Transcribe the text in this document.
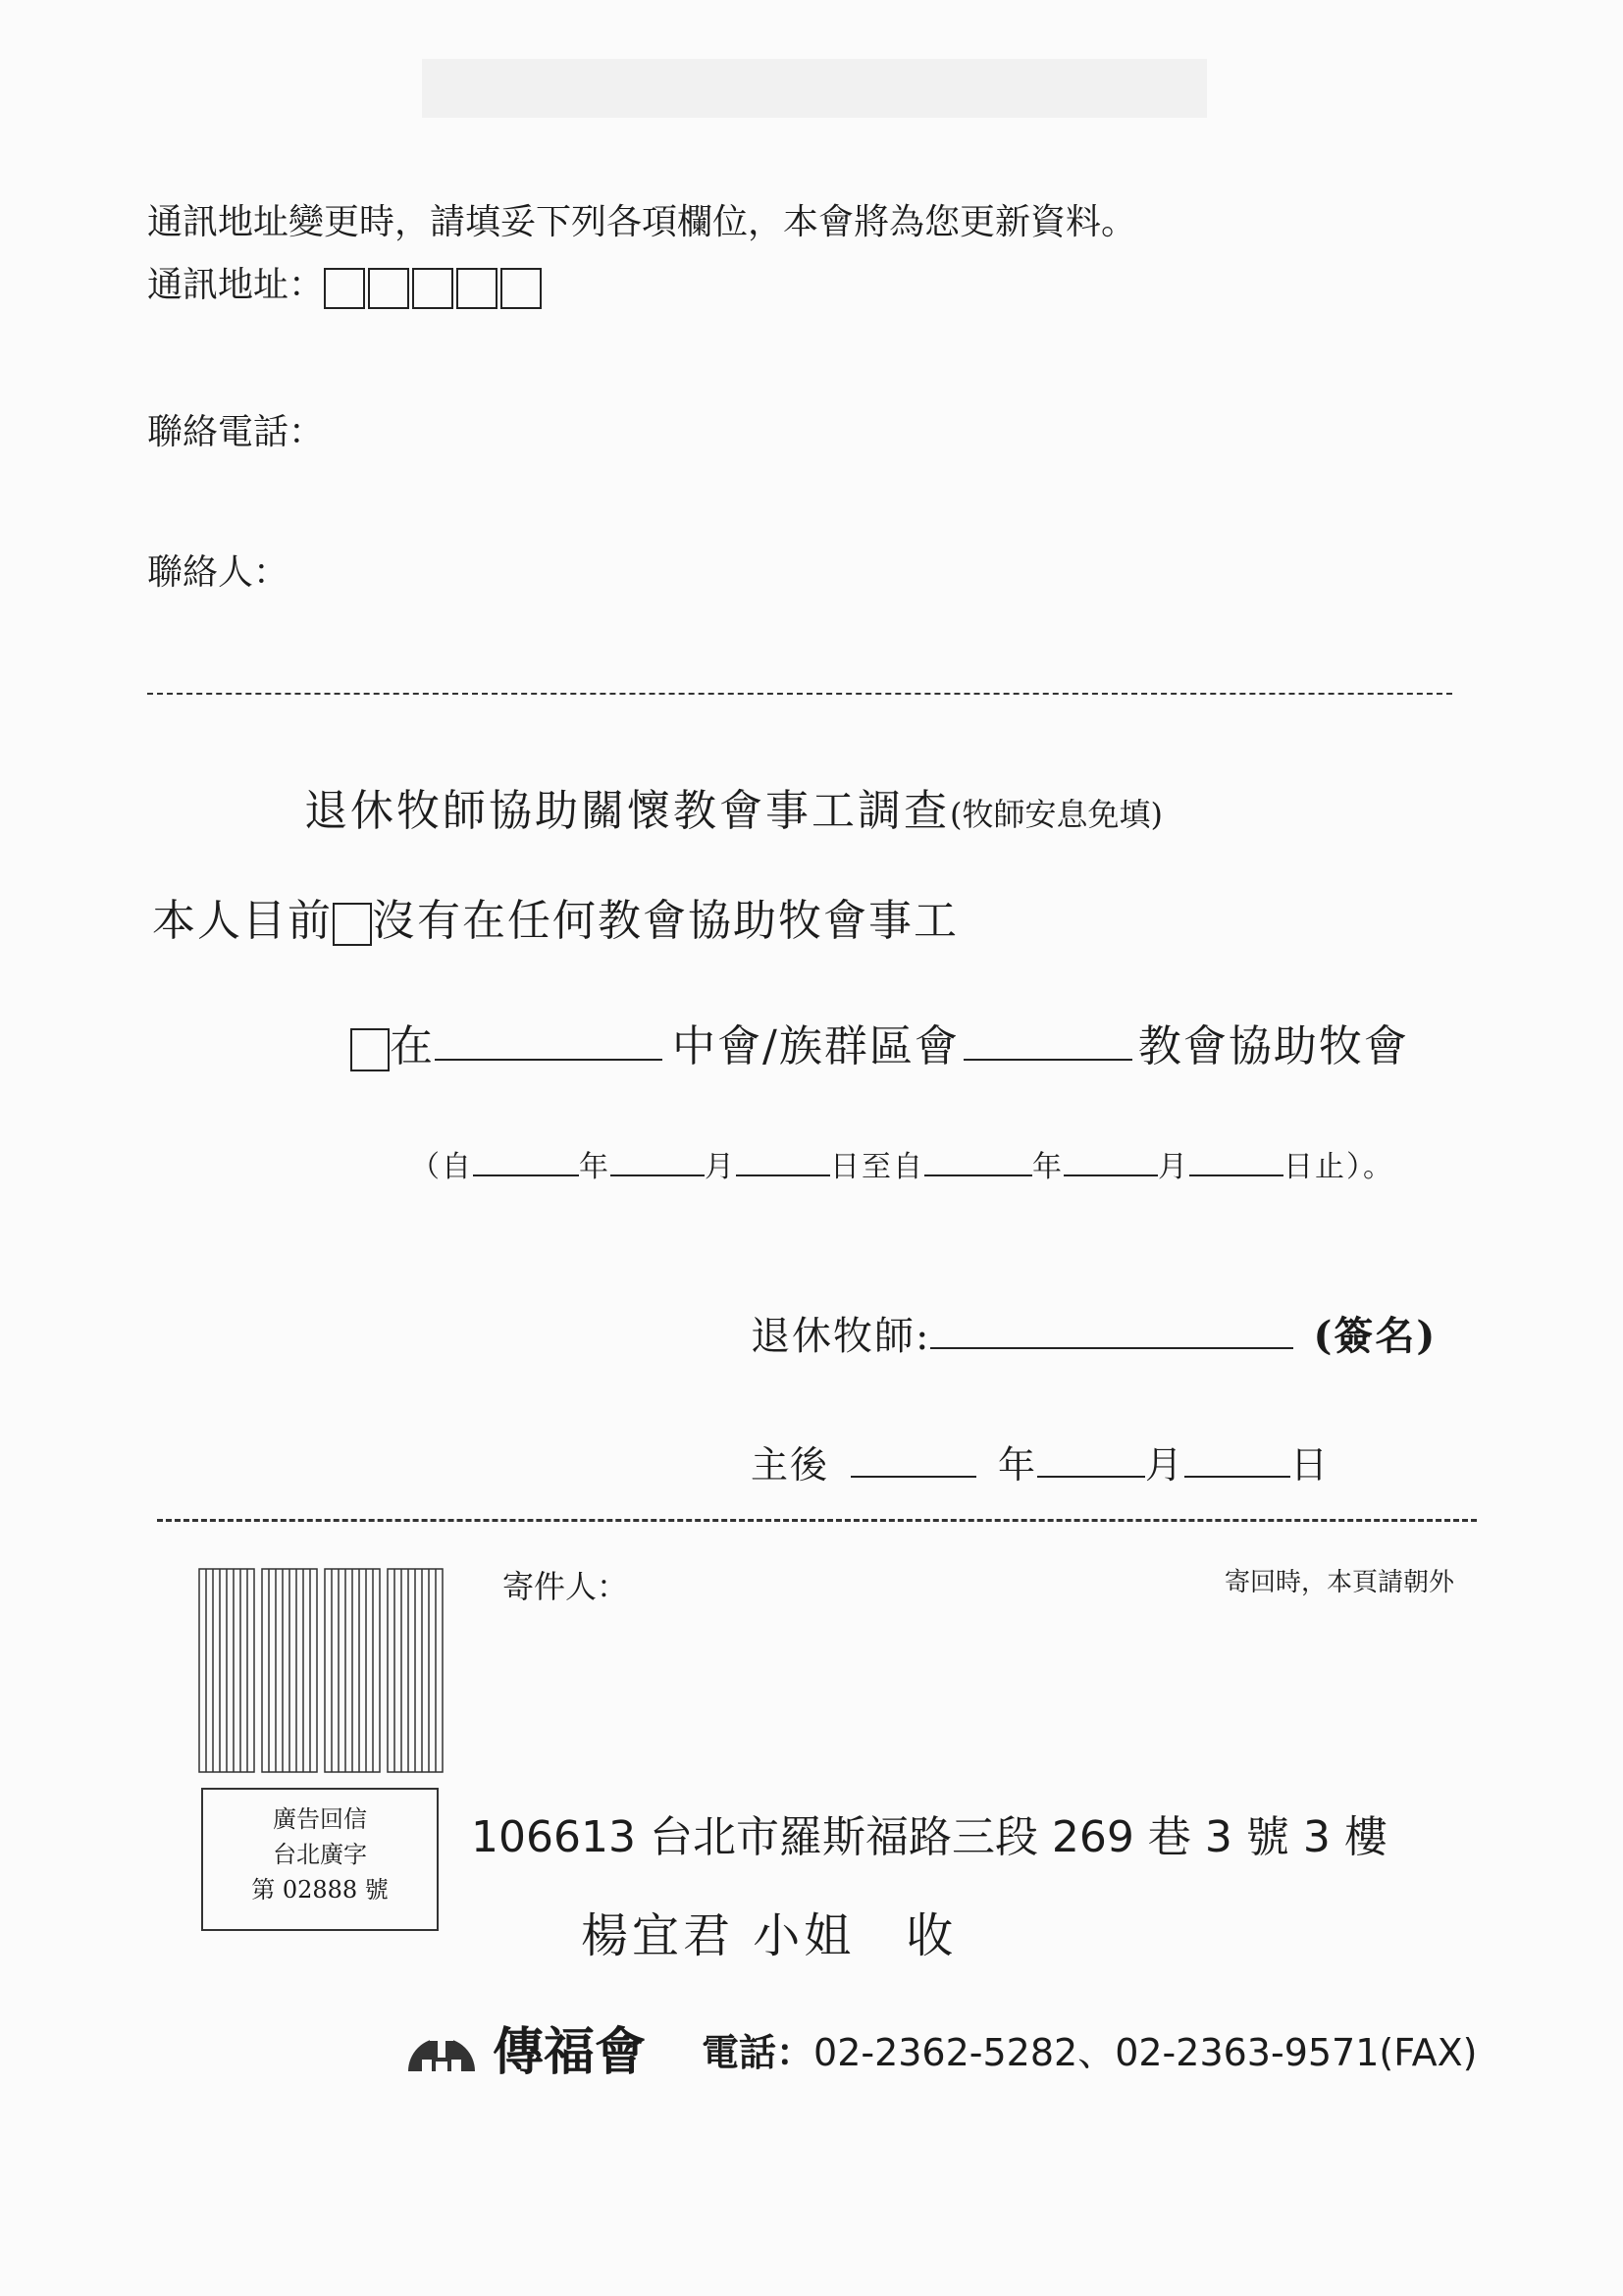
通訊地址變更時，請填妥下列各項欄位，本會將為您更新資料。
通訊地址：
聯絡電話：
聯絡人：
退休牧師協助關懷教會事工調查(牧師安息免填)
本人目前 沒有在任何教會協助牧會事工
在	中會/族群區會	教會協助牧會
（自	年	月	日至自	年	月	日止）。
退休牧師:	(簽名)
主後	年	月	日
寄件人：	寄回時，本頁請朝外
廣告回信
台北廣字
第 02888 號
106613 台北市羅斯福路三段 269 巷 3 號 3 樓
楊宜君 小姐　收
傳福會 電話：02-2362-5282、02-2363-9571(FAX)
